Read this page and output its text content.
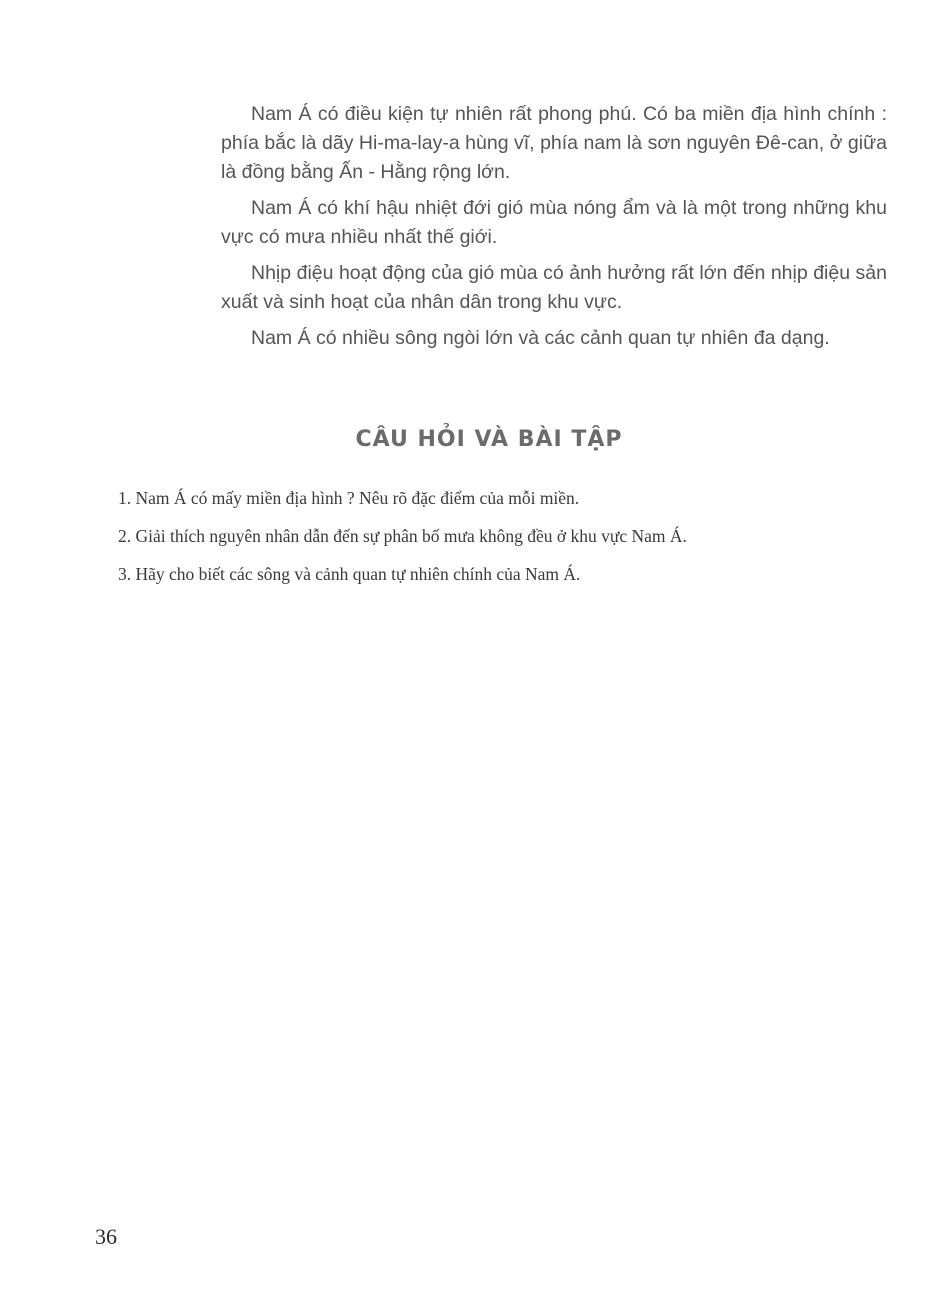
Nam Á có điều kiện tự nhiên rất phong phú. Có ba miền địa hình chính : phía bắc là dãy Hi-ma-lay-a hùng vĩ, phía nam là sơn nguyên Đê-can, ở giữa là đồng bằng Ấn - Hằng rộng lớn.

Nam Á có khí hậu nhiệt đới gió mùa nóng ẩm và là một trong những khu vực có mưa nhiều nhất thế giới.

Nhịp điệu hoạt động của gió mùa có ảnh hưởng rất lớn đến nhịp điệu sản xuất và sinh hoạt của nhân dân trong khu vực.

Nam Á có nhiều sông ngòi lớn và các cảnh quan tự nhiên đa dạng.

CÂU HỎI VÀ BÀI TẬP
1. Nam Á có mấy miền địa hình ? Nêu rõ đặc điểm của mỗi miền.
2. Giải thích nguyên nhân dẫn đến sự phân bố mưa không đều ở khu vực Nam Á.
3. Hãy cho biết các sông và cảnh quan tự nhiên chính của Nam Á.
36
